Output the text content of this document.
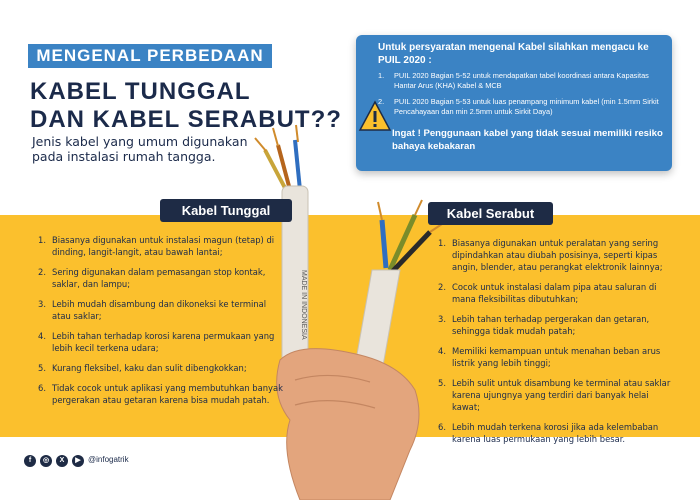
MENGENAL PERBEDAAN
KABEL TUNGGAL
DAN KABEL SERABUT??
Jenis kabel yang umum digunakan pada instalasi rumah tangga.
Untuk persyaratan mengenal Kabel silahkan mengacu ke PUIL 2020 :
1. PUIL 2020 Bagian 5-52 untuk mendapatkan tabel koordinasi antara Kapasitas Hantar Arus (KHA) Kabel & MCB
2. PUIL 2020 Bagian 5-53 untuk luas penampang minimum kabel (min 1.5mm Sirkit Pencahayaan dan min 2.5mm untuk Sirkit Daya)
Ingat ! Penggunaan kabel yang tidak sesuai memiliki resiko bahaya kebakaran
MADE IN INDONESIA
Kabel Tunggal	Kabel Serabut
1. Biasanya digunakan untuk instalasi magun (tetap) di dinding, langit-langit, atau bawah lantai;
2. Sering digunakan dalam pemasangan stop kontak, saklar, dan lampu;
3. Lebih mudah disambung dan dikoneksi ke terminal atau saklar;
4. Lebih tahan terhadap korosi karena permukaan yang lebih kecil terkena udara;
5. Kurang fleksibel, kaku dan sulit dibengkokkan;
6. Tidak cocok untuk aplikasi yang membutuhkan banyak pergerakan atau getaran karena bisa mudah patah.
1. Biasanya digunakan untuk peralatan yang sering dipindahkan atau diubah posisinya, seperti kipas angin, blender, atau perangkat elektronik lainnya;
2. Cocok untuk instalasi dalam pipa atau saluran di mana fleksibilitas dibutuhkan;
3. Lebih tahan terhadap pergerakan dan getaran, sehingga tidak mudah patah;
4. Memiliki kemampuan untuk menahan beban arus listrik yang lebih tinggi;
5. Lebih sulit untuk disambung ke terminal atau saklar karena ujungnya yang terdiri dari banyak helai kawat;
6. Lebih mudah terkena korosi jika ada kelembaban karena luas permukaan yang lebih besar.
f	◎	X	▶ @infogatrik
